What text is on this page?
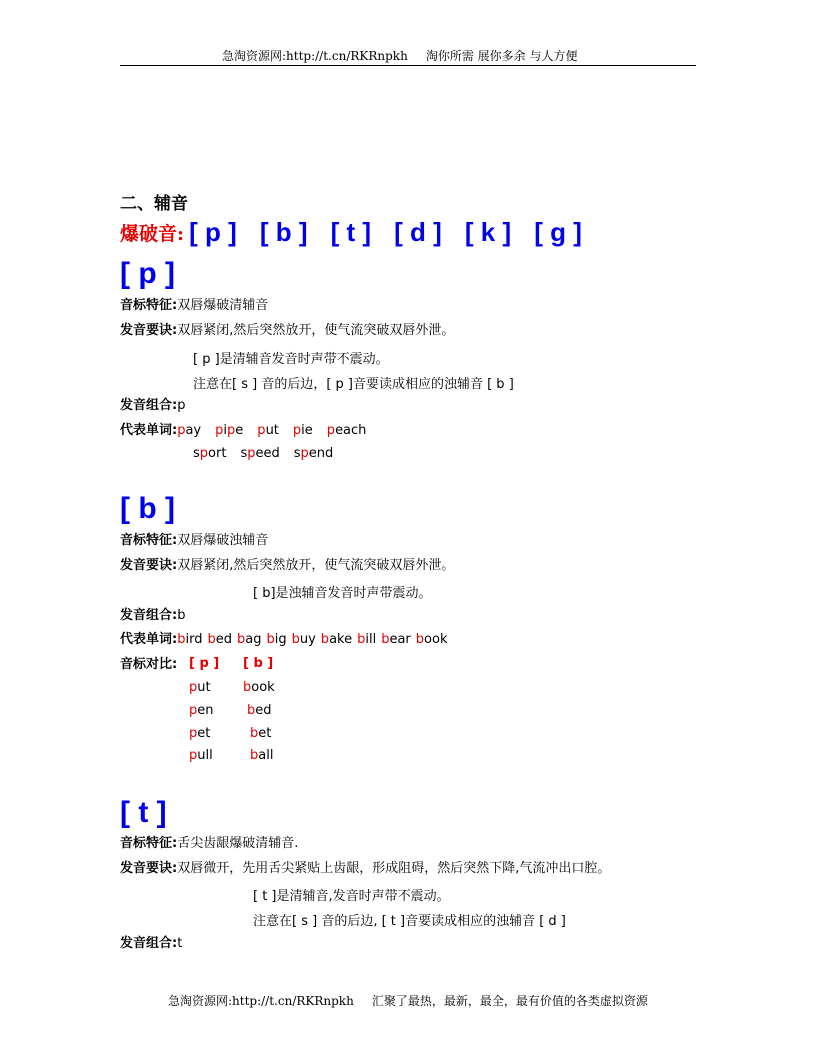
急淘资源网:http://t.cn/RKRnpkh 淘你所需 展你多余 与人方便
二、辅音
爆破音: [ p ] [ b ] [ t ] [ d ] [ k ] [ g ]
[ p ]
音标特征:双唇爆破清辅音
发音要诀:双唇紧闭,然后突然放开，使气流突破双唇外泄。
[ p ]是清辅音发音时声带不震动。
注意在[ s ] 音的后边，[ p ]音要读成相应的浊辅音 [ b ]
发音组合:p
代表单词:pay pipe put pie peach
sport speed spend
[ b ]
音标特征:双唇爆破浊辅音
发音要诀:双唇紧闭,然后突然放开，使气流突破双唇外泄。
[ b]是浊辅音发音时声带震动。
发音组合:b
代表单词:bird bed bag big buy bake bill bear book
音标对比: [ p ] [ b ]
put book
pen	bed
pet	bet
pull	ball
[ t ]
音标特征:舌尖齿龈爆破清辅音.
发音要诀:双唇微开，先用舌尖紧贴上齿龈，形成阻碍，然后突然下降,气流冲出口腔。
[ t ]是清辅音,发音时声带不震动。
注意在[ s ] 音的后边, [ t ]音要读成相应的浊辅音 [ d ]
发音组合:t
急淘资源网:http://t.cn/RKRnpkh 汇聚了最热，最新，最全，最有价值的各类虚拟资源
